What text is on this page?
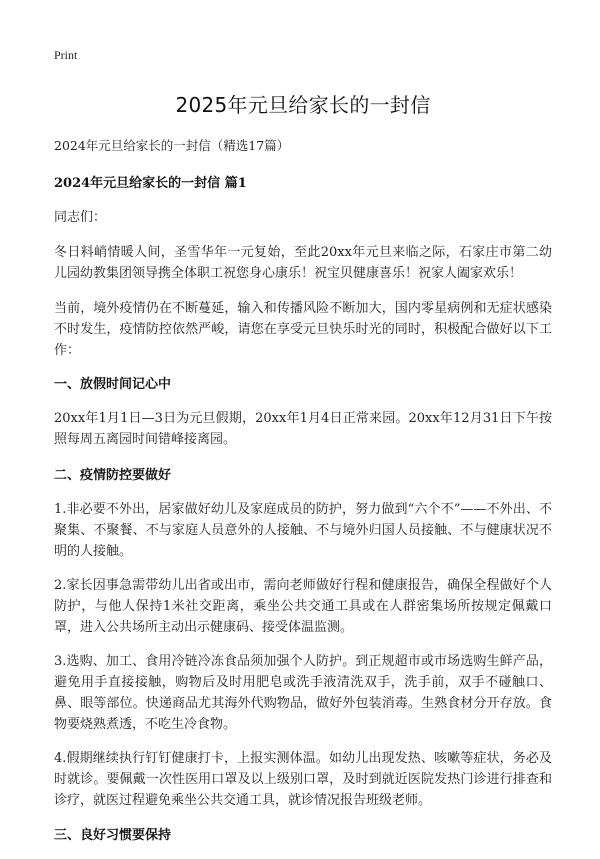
Print
2025年元旦给家长的一封信
2024年元旦给家长的一封信（精选17篇）
2024年元旦给家长的一封信 篇1

同志们：

冬日料峭情暖人间，圣雪华年一元复始，至此20xx年元旦来临之际，石家庄市第二幼儿园幼教集团领导携全体职工祝您身心康乐！祝宝贝健康喜乐！祝家人阖家欢乐！

当前，境外疫情仍在不断蔓延，输入和传播风险不断加大，国内零星病例和无症状感染不时发生，疫情防控依然严峻，请您在享受元旦快乐时光的同时，积极配合做好以下工作：

一、放假时间记心中

20xx年1月1日—3日为元旦假期，20xx年1月4日正常来园。20xx年12月31日下午按照每周五离园时间错峰接离园。

二、疫情防控要做好

1.非必要不外出，居家做好幼儿及家庭成员的防护，努力做到“六个不”——不外出、不聚集、不聚餐、不与家庭人员意外的人接触、不与境外归国人员接触、不与健康状况不明的人接触。

2.家长因事急需带幼儿出省或出市，需向老师做好行程和健康报告，确保全程做好个人防护，与他人保持1米社交距离，乘坐公共交通工具或在人群密集场所按规定佩戴口罩，进入公共场所主动出示健康码、接受体温监测。

3.选购、加工、食用冷链冷冻食品须加强个人防护。到正规超市或市场选购生鲜产品，避免用手直接接触，购物后及时用肥皂或洗手液清洗双手，洗手前，双手不碰触口、鼻、眼等部位。快递商品尤其海外代购物品，做好外包装消毒。生熟食材分开存放。食物要烧熟煮透，不吃生冷食物。

4.假期继续执行钉钉健康打卡，上报实测体温。如幼儿出现发热、咳嗽等症状，务必及时就诊。要佩戴一次性医用口罩及以上级别口罩，及时到就近医院发热门诊进行排查和诊疗，就医过程避免乘坐公共交通工具，就诊情况报告班级老师。

三、良好习惯要保持
